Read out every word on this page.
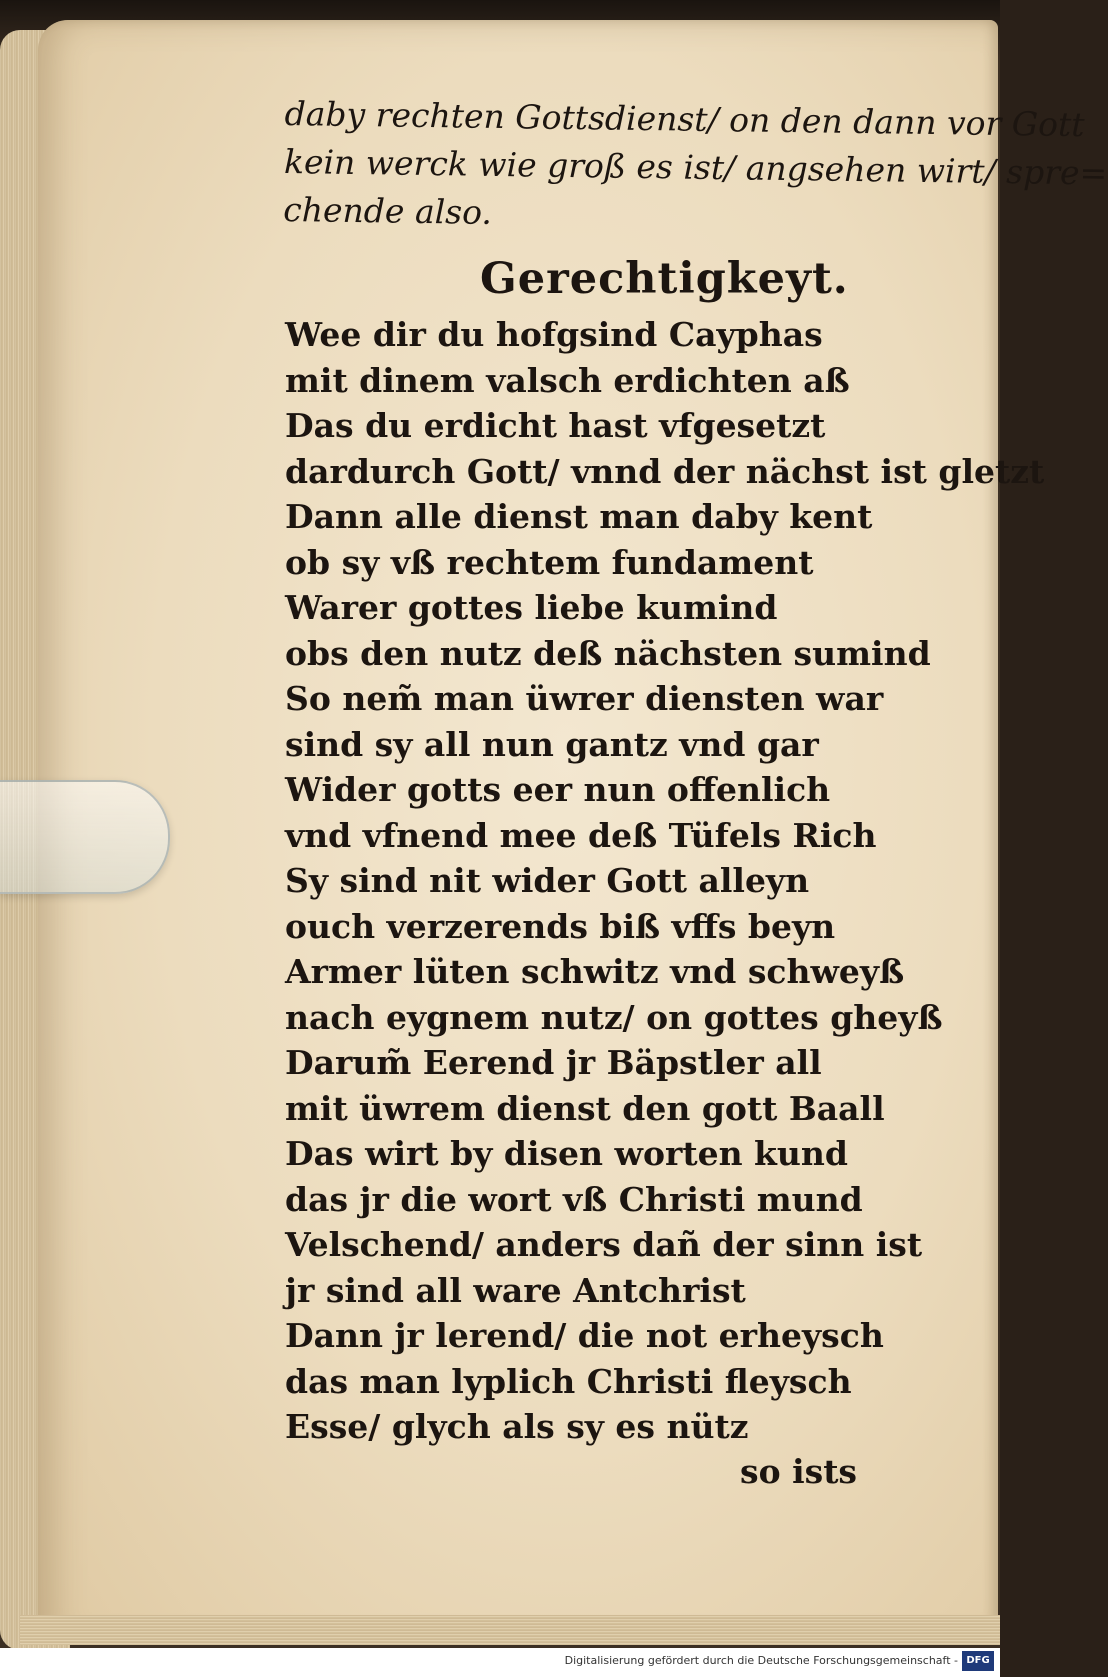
daby rechten Gottsdienst/ on den dann vor Gott
kein werck wie groß es ist/ angsehen wirt/ spre=
chende also.
Gerechtigkeyt.
Wee dir du hofgsind Cayphas
mit dinem valsch erdichten aß
Das du erdicht hast vfgesetzt
dardurch Gott/ vnnd der nächst ist gletzt
Dann alle dienst man daby kent
ob sy vß rechtem fundament
Warer gottes liebe kumind
obs den nutz deß nächsten sumind
So nem̃ man üwrer diensten war
sind sy all nun gantz vnd gar
Wider gotts eer nun offenlich
vnd vfnend mee deß Tüfels Rich
Sy sind nit wider Gott alleyn
ouch verzerends biß vffs beyn
Armer lüten schwitz vnd schweyß
nach eygnem nutz/ on gottes gheyß
Darum̃ Eerend jr Bäpstler all
mit üwrem dienst den gott Baall
Das wirt by disen worten kund
das jr die wort vß Christi mund
Velschend/ anders dañ der sinn ist
jr sind all ware Antchrist
Dann jr lerend/ die not erheysch
das man lyplich Christi fleysch
Esse/ glych als sy es nütz
so ists
Digitalisierung gefördert durch die Deutsche Forschungsgemeinschaft - DFG
